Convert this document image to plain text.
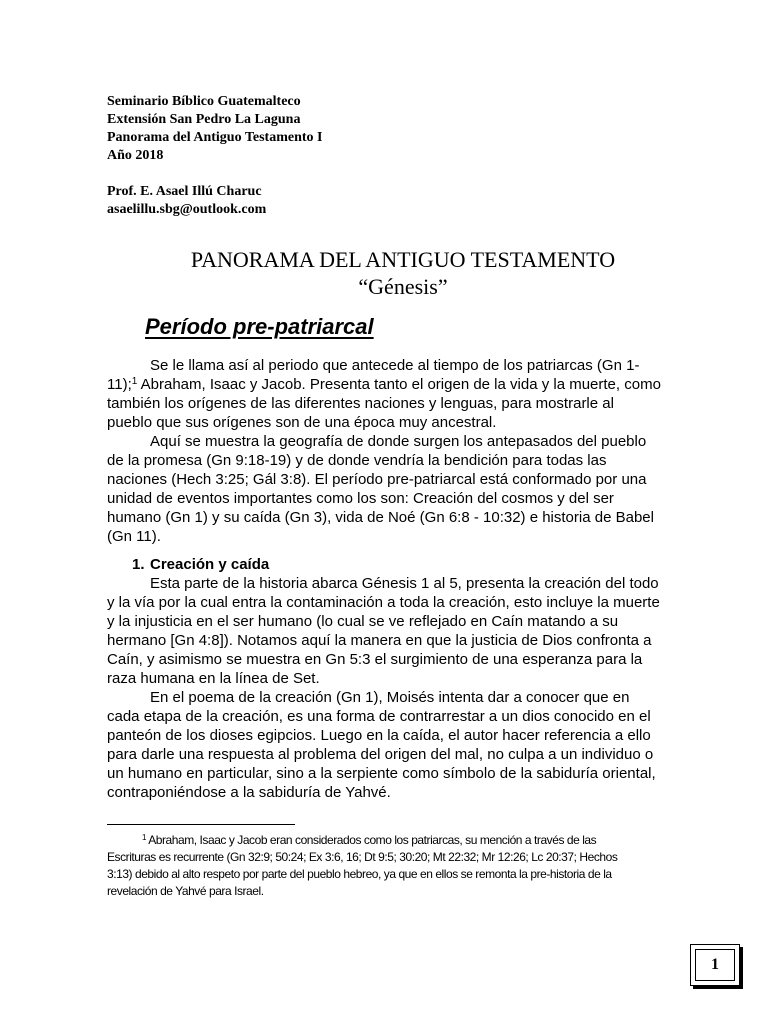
Seminario Bíblico Guatemalteco
Extensión San Pedro La Laguna
Panorama del Antiguo Testamento I
Año 2018
Prof. E. Asael Illú Charuc
asaelillu.sbg@outlook.com
PANORAMA DEL ANTIGUO TESTAMENTO
“Génesis”
Período pre-patriarcal

Se le llama así al periodo que antecede al tiempo de los patriarcas (Gn 1-11);$^1$ Abraham, Isaac y Jacob. Presenta tanto el origen de la vida y la muerte, como también los orígenes de las diferentes naciones y lenguas, para mostrarle al pueblo que sus orígenes son de una época muy ancestral.

Aquí se muestra la geografía de donde surgen los antepasados del pueblo de la promesa (Gn 9:18-19) y de donde vendría la bendición para todas las naciones (Hech 3:25; Gál 3:8). El período pre-patriarcal está conformado por una unidad de eventos importantes como los son: Creación del cosmos y del ser humano (Gn 1) y su caída (Gn 3), vida de Noé (Gn 6:8 - 10:32) e historia de Babel (Gn 11).

1. Creación y caída

Esta parte de la historia abarca Génesis 1 al 5, presenta la creación del todo y la vía por la cual entra la contaminación a toda la creación, esto incluye la muerte y la injusticia en el ser humano (lo cual se ve reflejado en Caín matando a su hermano [Gn 4:8]). Notamos aquí la manera en que la justicia de Dios confronta a Caín, y asimismo se muestra en Gn 5:3 el surgimiento de una esperanza para la raza humana en la línea de Set.

En el poema de la creación (Gn 1), Moisés intenta dar a conocer que en cada etapa de la creación, es una forma de contrarrestar a un dios conocido en el panteón de los dioses egipcios. Luego en la caída, el autor hacer referencia a ello para darle una respuesta al problema del origen del mal, no culpa a un individuo o un humano en particular, sino a la serpiente como símbolo de la sabiduría oriental, contraponiéndose a la sabiduría de Yahvé.

$^1$ Abraham, Isaac y Jacob eran considerados como los patriarcas, su mención a través de las Escrituras es recurrente (Gn 32:9; 50:24; Ex 3:6, 16; Dt 9:5; 30:20; Mt 22:32; Mr 12:26; Lc 20:37; Hechos 3:13) debido al alto respeto por parte del pueblo hebreo, ya que en ellos se remonta la pre-historia de la revelación de Yahvé para Israel.

1
